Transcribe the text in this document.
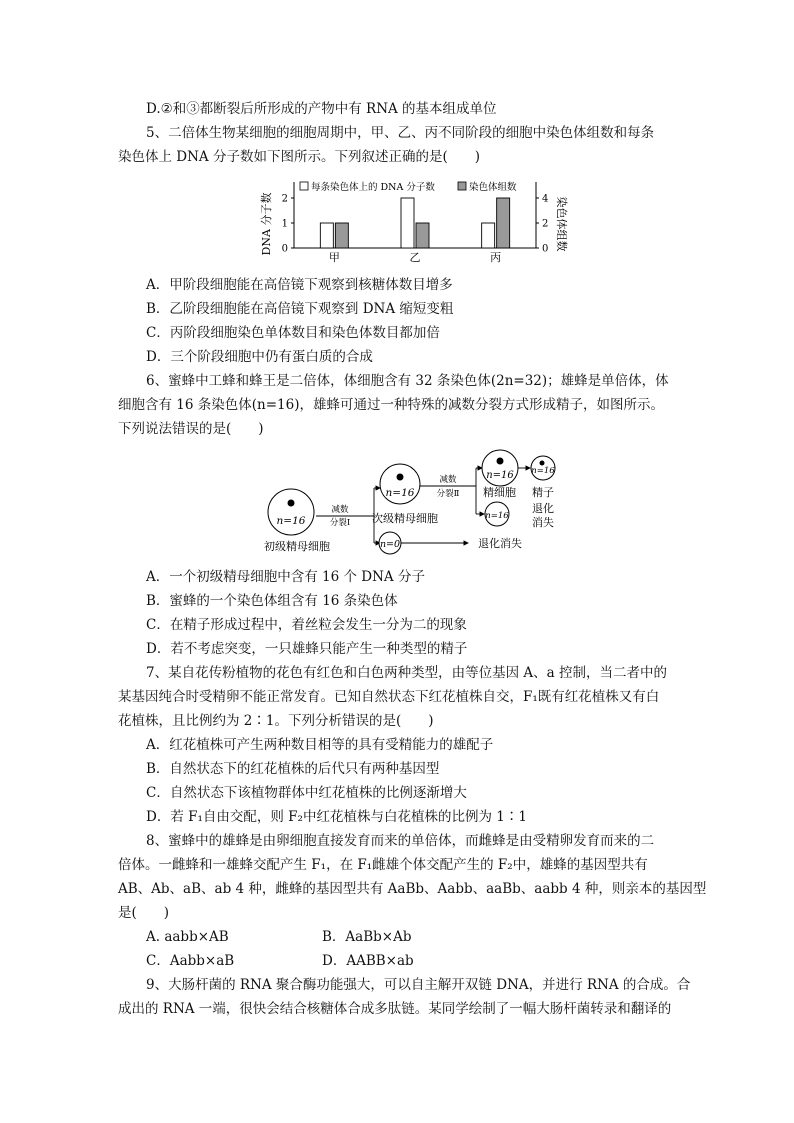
D.②和③都断裂后所形成的产物中有 RNA 的基本组成单位
5、二倍体生物某细胞的细胞周期中，甲、乙、丙不同阶段的细胞中染色体组数和每条
染色体上 DNA 分子数如下图所示。下列叙述正确的是(　　)
A．甲阶段细胞能在高倍镜下观察到核糖体数目增多
B．乙阶段细胞能在高倍镜下观察到 DNA 缩短变粗
C．丙阶段细胞染色单体数目和染色体数目都加倍
D．三个阶段细胞中仍有蛋白质的合成
6、蜜蜂中工蜂和蜂王是二倍体，体细胞含有 32 条染色体(2n=32)；雄蜂是单倍体，体
细胞含有 16 条染色体(n=16)，雄蜂可通过一种特殊的减数分裂方式形成精子，如图所示。
下列说法错误的是(　　)
A．一个初级精母细胞中含有 16 个 DNA 分子
B．蜜蜂的一个染色体组含有 16 条染色体
C．在精子形成过程中，着丝粒会发生一分为二的现象
D．若不考虑突变，一只雄蜂只能产生一种类型的精子
7、某自花传粉植物的花色有红色和白色两种类型，由等位基因 A、a 控制，当二者中的
某基因纯合时受精卵不能正常发育。已知自然状态下红花植株自交，F₁既有红花植株又有白
花植株，且比例约为 2∶1。下列分析错误的是(　　)
A．红花植株可产生两种数目相等的具有受精能力的雄配子
B．自然状态下的红花植株的后代只有两种基因型
C．自然状态下该植物群体中红花植株的比例逐渐增大
D．若 F₁自由交配，则 F₂中红花植株与白花植株的比例为 1∶1
8、蜜蜂中的雄蜂是由卵细胞直接发育而来的单倍体，而雌蜂是由受精卵发育而来的二
倍体。一雌蜂和一雄蜂交配产生 F₁，在 F₁雌雄个体交配产生的 F₂中，雄蜂的基因型共有
AB、Ab、aB、ab 4 种，雌蜂的基因型共有 AaBb、Aabb、aaBb、aabb 4 种，则亲本的基因型
是(　　)
9、大肠杆菌的 RNA 聚合酶功能强大，可以自主解开双链 DNA，并进行 RNA 的合成。合
成出的 RNA 一端，很快会结合核糖体合成多肽链。某同学绘制了一幅大肠杆菌转录和翻译的
A. aabb×AB	B．AaBb×Ab
C．Aabb×aB	D．AABB×ab
DNA 分子数	染色体组数
0
1
2
0
2
4
甲	乙	丙
每条染色体上的 DNA 分子数	染色体组数
n=16
初级精母细胞
减数
分裂Ⅰ
n=16
次级精母细胞
n=0	退化消失
减数
分裂Ⅱ
n=16
精细胞
n=16
精子
n=16
退化
消失
